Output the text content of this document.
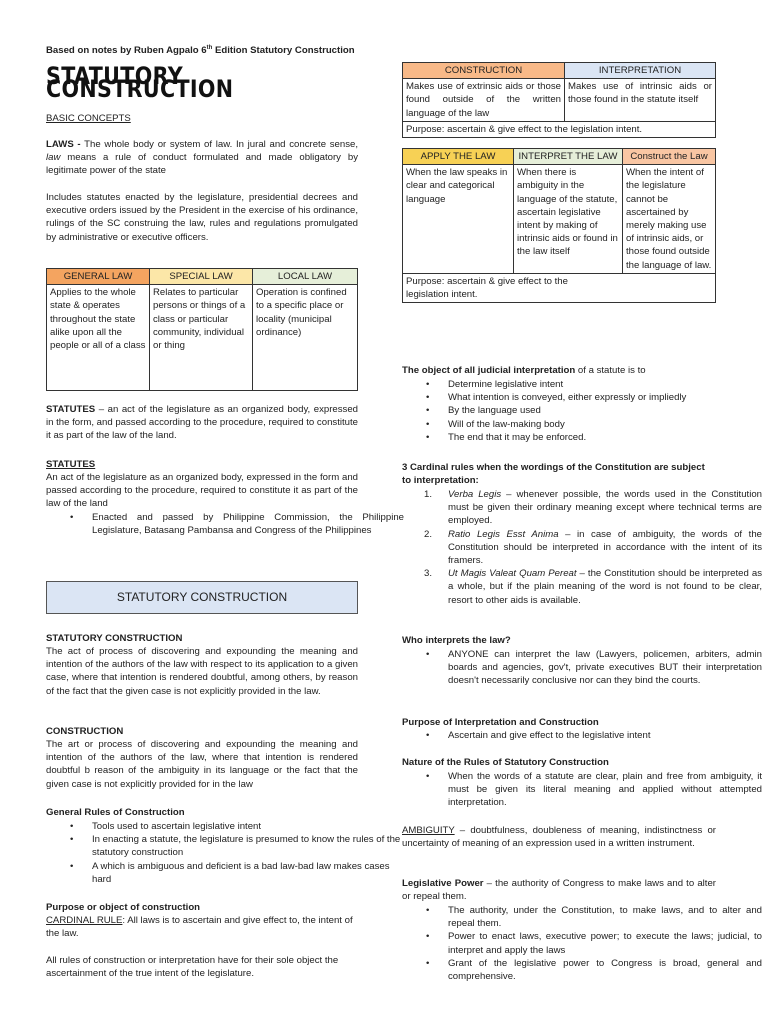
Based on notes by Ruben Agpalo 6th Edition Statutory Construction
STATUTORY CONSTRUCTION
BASIC CONCEPTS
LAWS - The whole body or system of law. In jural and concrete sense, law means a rule of conduct formulated and made obligatory by legitimate power of the state
Includes statutes enacted by the legislature, presidential decrees and executive orders issued by the President in the exercise of his ordinance, rulings of the SC construing the law, rules and regulations promulgated by administrative or executive officers.
GENERAL LAW	SPECIAL LAW	LOCAL LAW
Applies to the whole state & operates throughout the state alike upon all the people or all of a class	Relates to particular persons or things of a class or particular community, individual or thing	Operation is confined to a specific place or locality (municipal ordinance)
STATUTES – an act of the legislature as an organized body, expressed in the form, and passed according to the procedure, required to constitute it as part of the law of the land.
STATUTES
An act of the legislature as an organized body, expressed in the form and passed according to the procedure, required to constitute it as part of the law of the land
• Enacted and passed by Philippine Commission, the Philippine Legislature, Batasang Pambansa and Congress of the Philippines
STATUTORY CONSTRUCTION
STATUTORY CONSTRUCTION
The act of process of discovering and expounding the meaning and intention of the authors of the law with respect to its application to a given case, where that intention is rendered doubtful, among others, by reason of the fact that the given case is not explicitly provided in the law.
CONSTRUCTION
The art or process of discovering and expounding the meaning and intention of the authors of the law, where that intention is rendered doubtful b reason of the ambiguity in its language or the fact that the given case is not explicitly provided for in the law
General Rules of Construction
• Tools used to ascertain legislative intent
• In enacting a statute, the legislature is presumed to know the rules of the statutory construction
• A which is ambiguous and deficient is a bad law-bad law makes cases hard
Purpose or object of construction
CARDINAL RULE: All laws is to ascertain and give effect to, the intent of the law.
All rules of construction or interpretation have for their sole object the ascertainment of the true intent of the legislature.
CONSTRUCTION	INTERPRETATION
Makes use of extrinsic aids or those found outside of the written language of the law	Makes use of intrinsic aids or those found in the statute itself
Purpose: ascertain & give effect to the legislation intent.	
APPLY THE LAW	INTERPRET THE LAW	Construct the Law
When the law speaks in clear and categorical language	When there is ambiguity in the language of the statute, ascertain legislative intent by making of intrinsic aids or found in the law itself	When the intent of the legislature cannot be ascertained by merely making use of intrinsic aids, or those found outside the language of law.

Purpose: ascertain & give effect to the legislation intent.		
The object of all judicial interpretation of a statute is to
• Determine legislative intent
• What intention is conveyed, either expressly or impliedly
• By the language used
• Will of the law-making body
• The end that it may be enforced.
3 Cardinal rules when the wordings of the Constitution are subject to interpretation:
1. Verba Legis – whenever possible, the words used in the Constitution must be given their ordinary meaning except where technical terms are employed.
2. Ratio Legis Esst Anima – in case of ambiguity, the words of the Constitution should be interpreted in accordance with the intent of its framers.
3. Ut Magis Valeat Quam Pereat – the Constitution should be interpreted as a whole, but if the plain meaning of the word is not found to be clear, resort to other aids is available.
Who interprets the law?
• ANYONE can interpret the law (Lawyers, policemen, arbiters, admin boards and agencies, gov't, private executives BUT their interpretation doesn't necessarily conclusive nor can they bind the courts.
Purpose of Interpretation and Construction
• Ascertain and give effect to the legislative intent
Nature of the Rules of Statutory Construction
• When the words of a statute are clear, plain and free from ambiguity, it must be given its literal meaning and applied without attempted interpretation.
AMBIGUITY – doubtfulness, doubleness of meaning, indistinctness or uncertainty of meaning of an expression used in a written instrument.
Legislative Power – the authority of Congress to make laws and to alter or repeal them.
• The authority, under the Constitution, to make laws, and to alter and repeal them.
• Power to enact laws, executive power; to execute the laws; judicial, to interpret and apply the laws
• Grant of the legislative power to Congress is broad, general and comprehensive.
